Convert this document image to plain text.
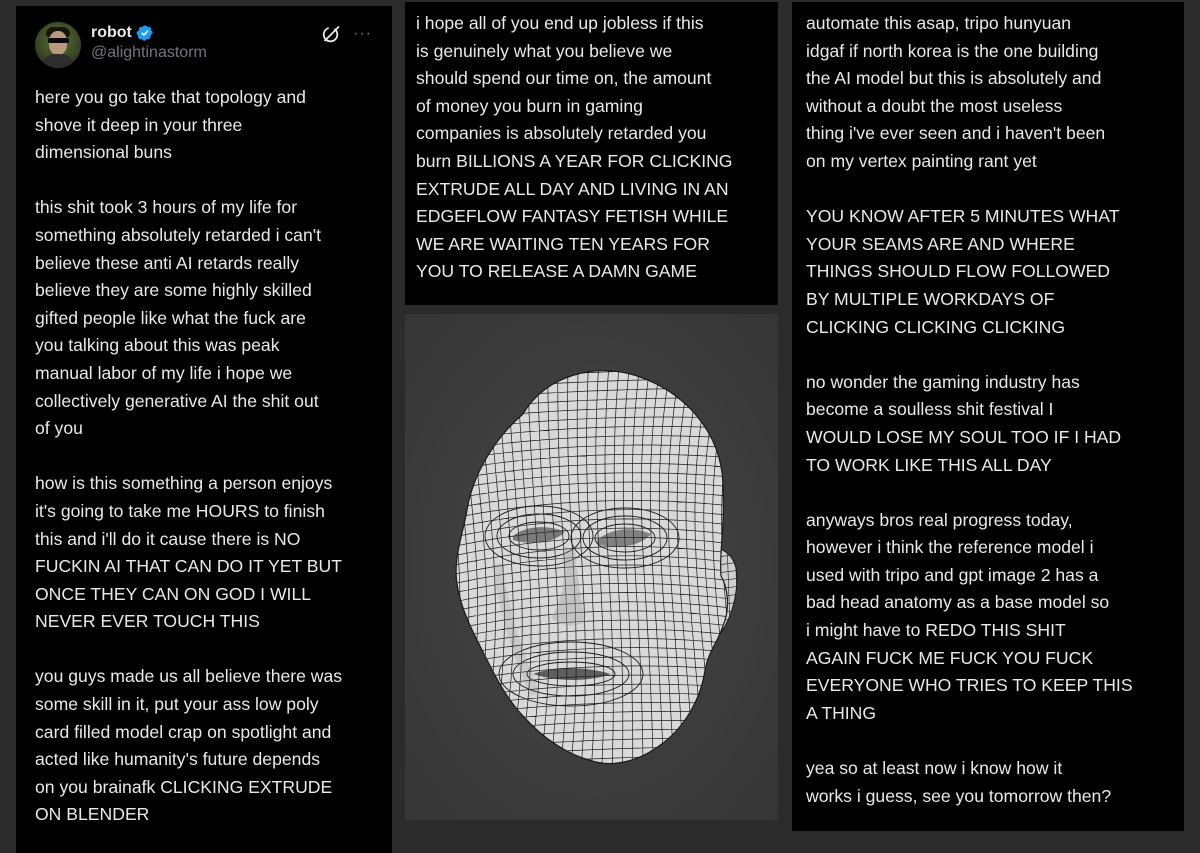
robot
@alightinastorm
···

here you go take that topology and
shove it deep in your three
dimensional buns

this shit took 3 hours of my life for
something absolutely retarded i can't
believe these anti AI retards really
believe they are some highly skilled
gifted people like what the fuck are
you talking about this was peak
manual labor of my life i hope we
collectively generative AI the shit out
of you

how is this something a person enjoys
it's going to take me HOURS to finish
this and i'll do it cause there is NO
FUCKIN AI THAT CAN DO IT YET BUT
ONCE THEY CAN ON GOD I WILL
NEVER EVER TOUCH THIS

you guys made us all believe there was
some skill in it, put your ass low poly
card filled model crap on spotlight and
acted like humanity's future depends
on you brainafk CLICKING EXTRUDE
ON BLENDER

i hope all of you end up jobless if this
is genuinely what you believe we
should spend our time on, the amount
of money you burn in gaming
companies is absolutely retarded you
burn BILLIONS A YEAR FOR CLICKING
EXTRUDE ALL DAY AND LIVING IN AN
EDGEFLOW FANTASY FETISH WHILE
WE ARE WAITING TEN YEARS FOR
YOU TO RELEASE A DAMN GAME

automate this asap, tripo hunyuan
idgaf if north korea is the one building
the AI model but this is absolutely and
without a doubt the most useless
thing i've ever seen and i haven't been
on my vertex painting rant yet

YOU KNOW AFTER 5 MINUTES WHAT
YOUR SEAMS ARE AND WHERE
THINGS SHOULD FLOW FOLLOWED
BY MULTIPLE WORKDAYS OF
CLICKING CLICKING CLICKING

no wonder the gaming industry has
become a soulless shit festival I
WOULD LOSE MY SOUL TOO IF I HAD
TO WORK LIKE THIS ALL DAY

anyways bros real progress today,
however i think the reference model i
used with tripo and gpt image 2 has a
bad head anatomy as a base model so
i might have to REDO THIS SHIT
AGAIN FUCK ME FUCK YOU FUCK
EVERYONE WHO TRIES TO KEEP THIS
A THING

yea so at least now i know how it
works i guess, see you tomorrow then?
